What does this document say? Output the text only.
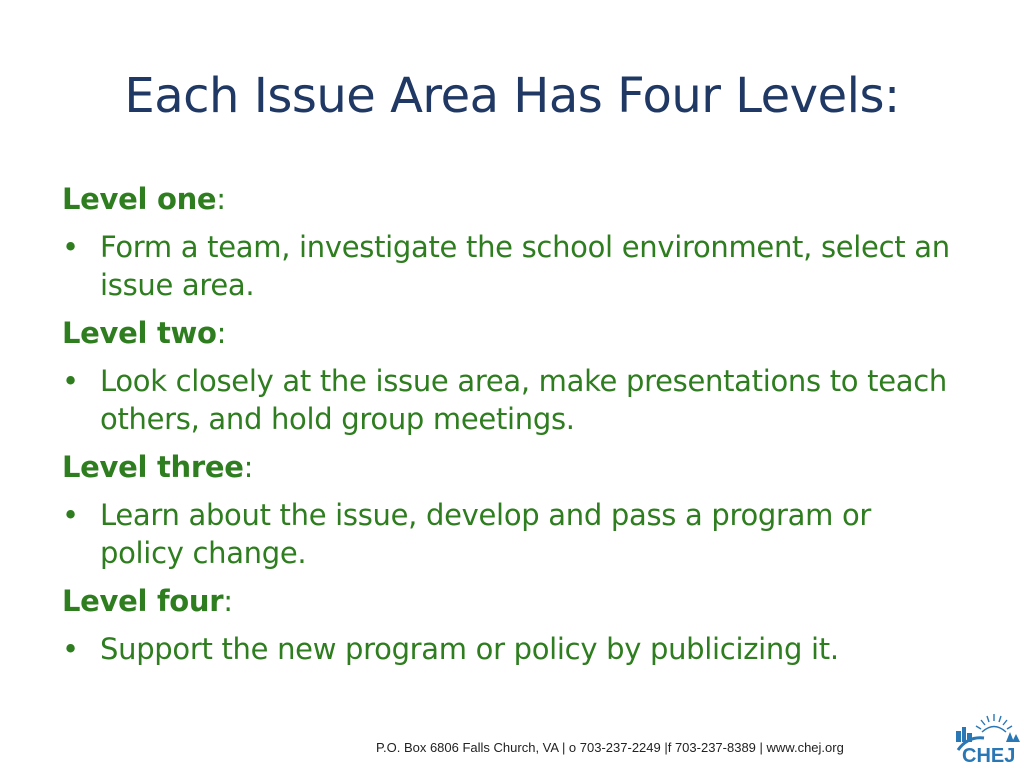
Each Issue Area Has Four Levels:
Level one:
• Form a team, investigate the school environment, select an issue area.
Level two:
• Look closely at the issue area, make presentations to teach others, and hold group meetings.
Level three:
• Learn about the issue, develop and pass a program or policy change.
Level four:
• Support the new program or policy by publicizing it.
P.O. Box 6806 Falls Church, VA | o 703-237-2249 |f 703-237-8389 | www.chej.org	CHEJ
